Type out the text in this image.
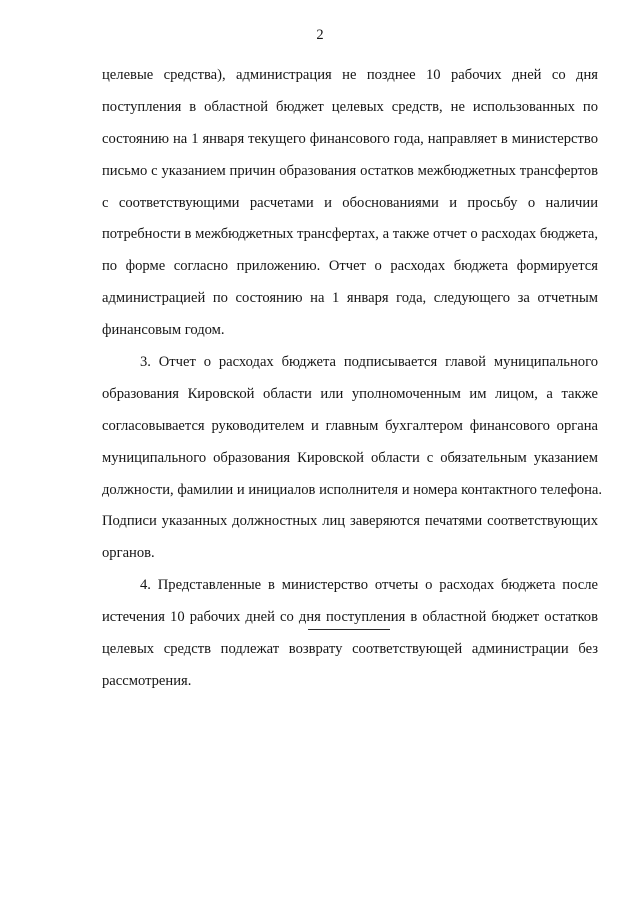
2

целевые средства), администрация не позднее 10 рабочих дней со дня
поступления в областной бюджет целевых средств, не использованных по
состоянию на 1 января текущего финансового года, направляет в министерство
письмо с указанием причин образования остатков межбюджетных трансфертов
с соответствующими расчетами и обоснованиями и просьбу о наличии
потребности в межбюджетных трансфертах, а также отчет о расходах бюджета,
по форме согласно приложению. Отчет о расходах бюджета формируется
администрацией по состоянию на 1 января года, следующего за отчетным
финансовым годом.

3. Отчет о расходах бюджета подписывается главой муниципального
образования Кировской области или уполномоченным им лицом, а также
согласовывается руководителем и главным бухгалтером финансового органа
муниципального образования Кировской области с обязательным указанием
должности, фамилии и инициалов исполнителя и номера контактного телефона.
Подписи указанных должностных лиц заверяются печатями соответствующих
органов.

4. Представленные в министерство отчеты о расходах бюджета после
истечения 10 рабочих дней со дня поступления в областной бюджет остатков
целевых средств подлежат возврату соответствующей администрации без
рассмотрения.
